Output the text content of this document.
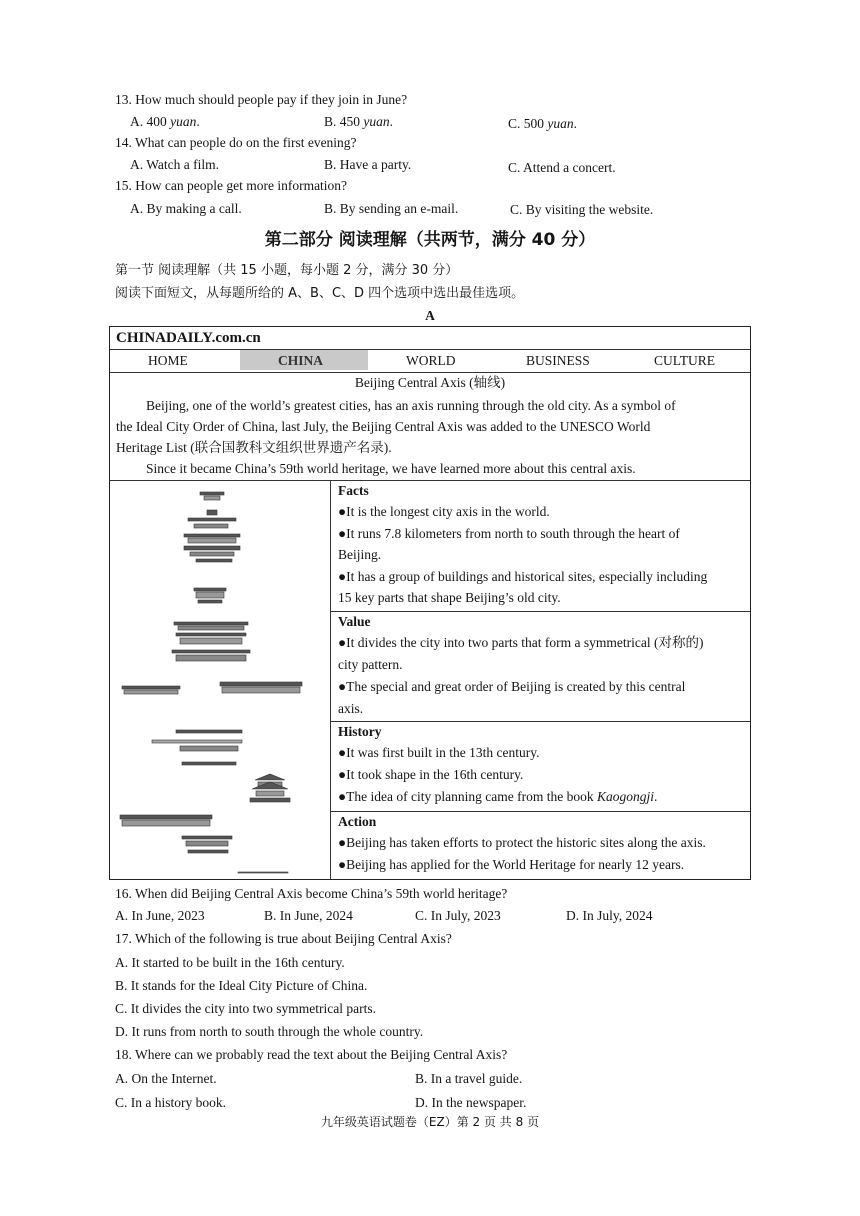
13. How much should people pay if they join in June?
A. 400 yuan.	B. 450 yuan.	C. 500 yuan.
14. What can people do on the first evening?
A. Watch a film.	B. Have a party.	C. Attend a concert.
15. How can people get more information?
A. By making a call.	B. By sending an e-mail.	C. By visiting the website.
第二部分 阅读理解（共两节，满分 40 分）
第一节 阅读理解（共 15 小题，每小题 2 分，满分 30 分）
阅读下面短文，从每题所给的 A、B、C、D 四个选项中选出最佳选项。
A
CHINADAILY.com.cn
HOME	CHINA	WORLD	BUSINESS	CULTURE
Beijing Central Axis (轴线)
Beijing, one of the world’s greatest cities, has an axis running through the old city. As a symbol of
the Ideal City Order of China, last July, the Beijing Central Axis was added to the UNESCO World
Heritage List (联合国教科文组织世界遗产名录).
Since it became China’s 59th world heritage, we have learned more about this central axis.
Facts
●It is the longest city axis in the world.
●It runs 7.8 kilometers from north to south through the heart of
Beijing.
●It has a group of buildings and historical sites, especially including
15 key parts that shape Beijing’s old city.
Value
●It divides the city into two parts that form a symmetrical (对称的)
city pattern.
●The special and great order of Beijing is created by this central
axis.
History
●It was first built in the 13th century.
●It took shape in the 16th century.
●The idea of city planning came from the book Kaogongji.
Action
●Beijing has taken efforts to protect the historic sites along the axis.
●Beijing has applied for the World Heritage for nearly 12 years.
16. When did Beijing Central Axis become China’s 59th world heritage?
A. In June, 2023	B. In June, 2024	C. In July, 2023	D. In July, 2024
17. Which of the following is true about Beijing Central Axis?
A. It started to be built in the 16th century.
B. It stands for the Ideal City Picture of China.
C. It divides the city into two symmetrical parts.
D. It runs from north to south through the whole country.
18. Where can we probably read the text about the Beijing Central Axis?
A. On the Internet.	B. In a travel guide.
C. In a history book.	D. In the newspaper.
九年级英语试题卷（EZ）第 2 页 共 8 页
